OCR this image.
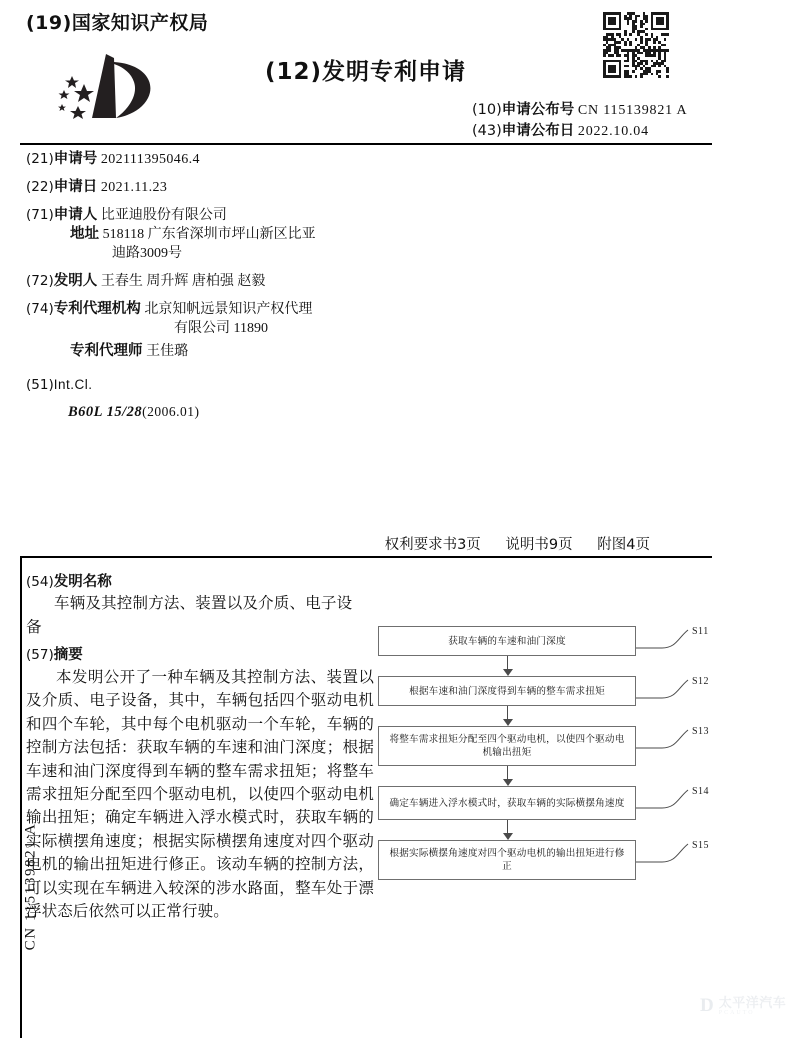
(19)国家知识产权局
(12)发明专利申请
(10)申请公布号 CN 115139821 A
(43)申请公布日 2022.10.04
(21)申请号 202111395046.4
(22)申请日 2021.11.23
(71)申请人 比亚迪股份有限公司
地址 518118 广东省深圳市坪山新区比亚
迪路3009号
(72)发明人 王春生 周升辉 唐柏强 赵毅
(74)专利代理机构 北京知帆远景知识产权代理
有限公司 11890
专利代理师 王佳璐
(51)Int.Cl.
B60L 15/28(2006.01)
权利要求书3页 说明书9页 附图4页
(54)发明名称
车辆及其控制方法、装置以及介质、电子设
备
(57)摘要
本发明公开了一种车辆及其控制方法、装置以及介质、电子设备，其中，车辆包括四个驱动电机和四个车轮，其中每个电机驱动一个车轮，车辆的控制方法包括：获取车辆的车速和油门深度；根据车速和油门深度得到车辆的整车需求扭矩；将整车需求扭矩分配至四个驱动电机，以使四个驱动电机输出扭矩；确定车辆进入浮水模式时，获取车辆的实际横摆角速度；根据实际横摆角速度对四个驱动电机的输出扭矩进行修正。该动车辆的控制方法，可以实现在车辆进入较深的涉水路面，整车处于漂浮状态后依然可以正常行驶。
获取车辆的车速和油门深度
S11
根据车速和油门深度得到车辆的整车需求扭矩
S12
将整车需求扭矩分配至四个驱动电机，以使四个驱动电机输出扭矩
S13
确定车辆进入浮水模式时，获取车辆的实际横摆角速度
S14
根据实际横摆角速度对四个驱动电机的输出扭矩进行修正
S15
CN 115139821 A
D 太平洋汽车
PCAUTO
